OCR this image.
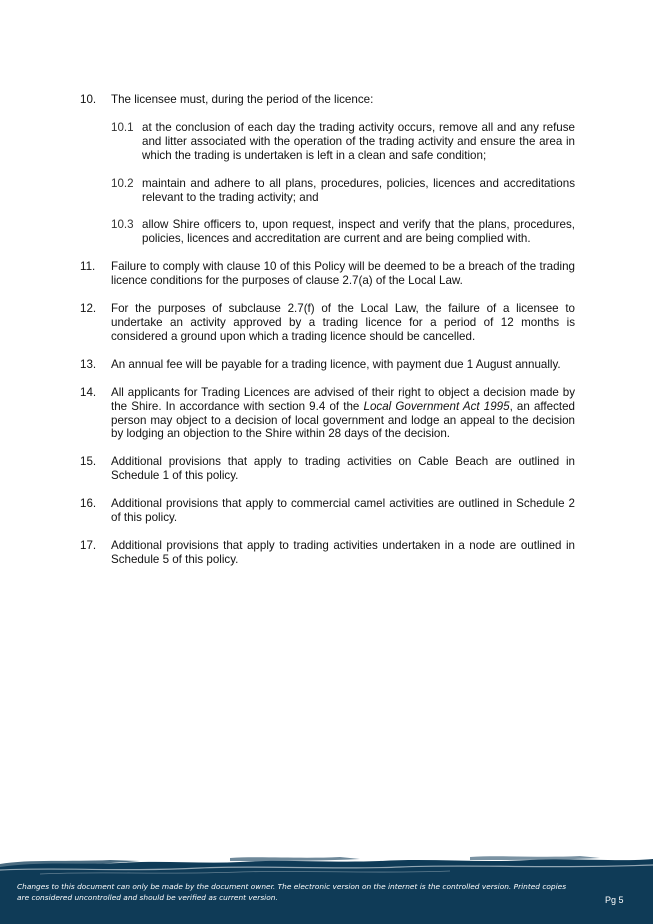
10. The licensee must, during the period of the licence:
10.1 at the conclusion of each day the trading activity occurs, remove all and any refuse and litter associated with the operation of the trading activity and ensure the area in which the trading is undertaken is left in a clean and safe condition;
10.2 maintain and adhere to all plans, procedures, policies, licences and accreditations relevant to the trading activity; and
10.3 allow Shire officers to, upon request, inspect and verify that the plans, procedures, policies, licences and accreditation are current and are being complied with.
11. Failure to comply with clause 10 of this Policy will be deemed to be a breach of the trading licence conditions for the purposes of clause 2.7(a) of the Local Law.
12. For the purposes of subclause 2.7(f) of the Local Law, the failure of a licensee to undertake an activity approved by a trading licence for a period of 12 months is considered a ground upon which a trading licence should be cancelled.
13. An annual fee will be payable for a trading licence, with payment due 1 August annually.
14. All applicants for Trading Licences are advised of their right to object a decision made by the Shire. In accordance with section 9.4 of the Local Government Act 1995, an affected person may object to a decision of local government and lodge an appeal to the decision by lodging an objection to the Shire within 28 days of the decision.
15. Additional provisions that apply to trading activities on Cable Beach are outlined in Schedule 1 of this policy.
16. Additional provisions that apply to commercial camel activities are outlined in Schedule 2 of this policy.
17. Additional provisions that apply to trading activities undertaken in a node are outlined in Schedule 5 of this policy.
Changes to this document can only be made by the document owner. The electronic version on the internet is the controlled version. Printed copies are considered uncontrolled and should be verified as current version.	Pg 5
